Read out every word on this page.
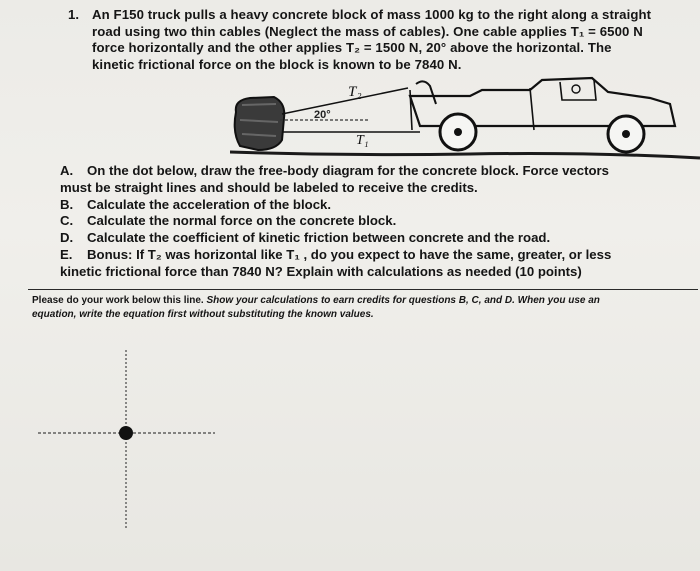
1. An F150 truck pulls a heavy concrete block of mass 1000 kg to the right along a straight

road using two thin cables (Neglect the mass of cables). One cable applies T₁ = 6500 N

force horizontally and the other applies T₂ = 1500 N, 20° above the horizontal. The

kinetic frictional force on the block is known to be 7840 N.

20°
T₂
T₁
A.	On the dot below, draw the free-body diagram for the concrete block. Force vectors
must be straight lines and should be labeled to receive the credits.
B.	Calculate the acceleration of the block.
C.	Calculate the normal force on the concrete block.
D.	Calculate the coefficient of kinetic friction between concrete and the road.
E.	Bonus: If T₂ was horizontal like T₁ , do you expect to have the same, greater, or less
kinetic frictional force than 7840 N? Explain with calculations as needed (10 points)

Please do your work below this line. Show your calculations to earn credits for questions B, C, and D. When you use an

equation, write the equation first without substituting the known values.
